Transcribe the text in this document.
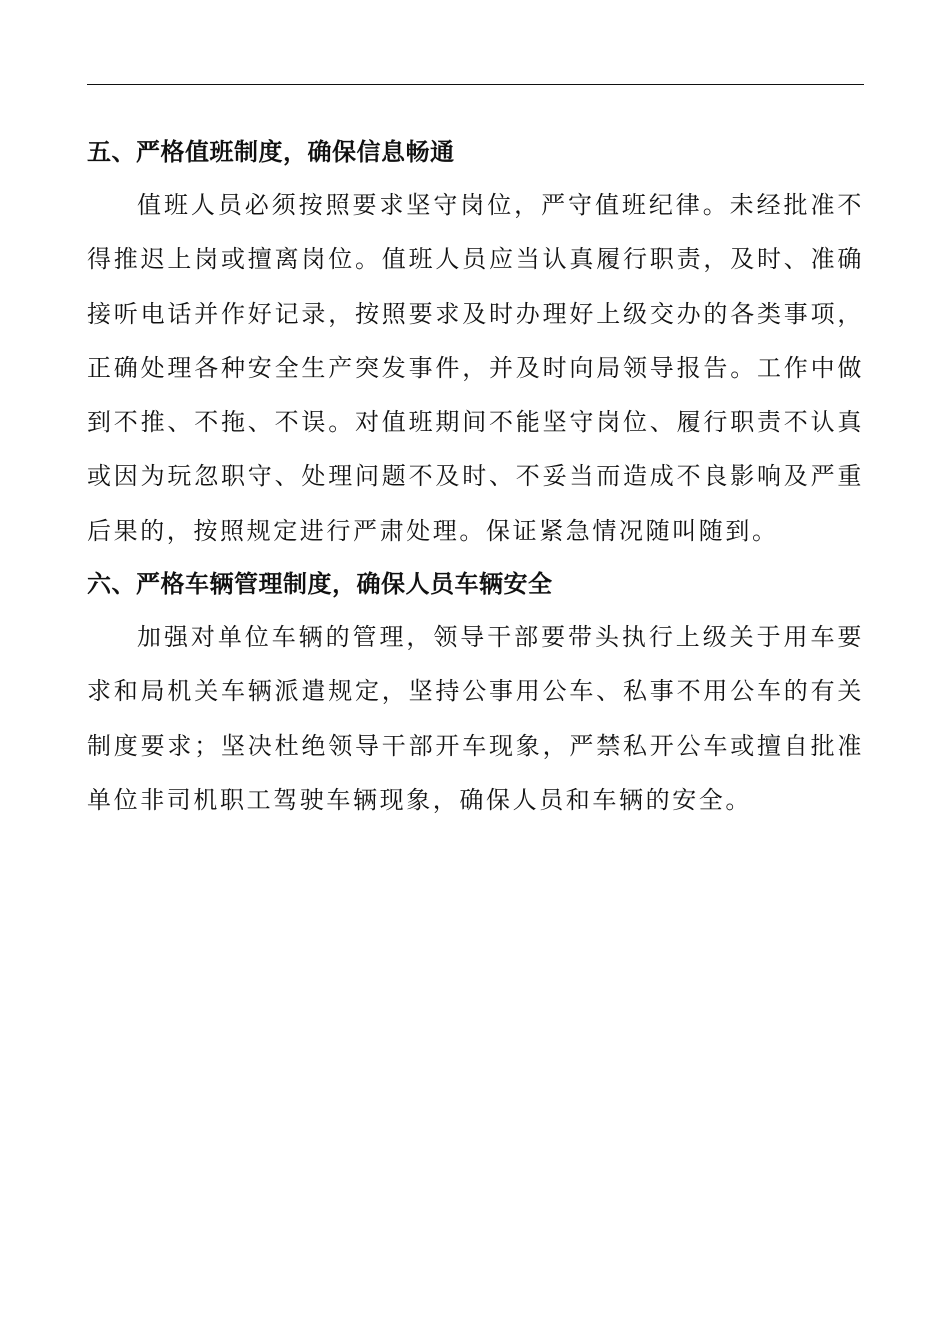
五、严格值班制度，确保信息畅通

值班人员必须按照要求坚守岗位，严守值班纪律。未经批准不得推迟上岗或擅离岗位。值班人员应当认真履行职责，及时、准确接听电话并作好记录，按照要求及时办理好上级交办的各类事项，正确处理各种安全生产突发事件，并及时向局领导报告。工作中做到不推、不拖、不误。对值班期间不能坚守岗位、履行职责不认真或因为玩忽职守、处理问题不及时、不妥当而造成不良影响及严重后果的，按照规定进行严肃处理。保证紧急情况随叫随到。

六、严格车辆管理制度，确保人员车辆安全

加强对单位车辆的管理，领导干部要带头执行上级关于用车要求和局机关车辆派遣规定，坚持公事用公车、私事不用公车的有关制度要求；坚决杜绝领导干部开车现象，严禁私开公车或擅自批准单位非司机职工驾驶车辆现象，确保人员和车辆的安全。
